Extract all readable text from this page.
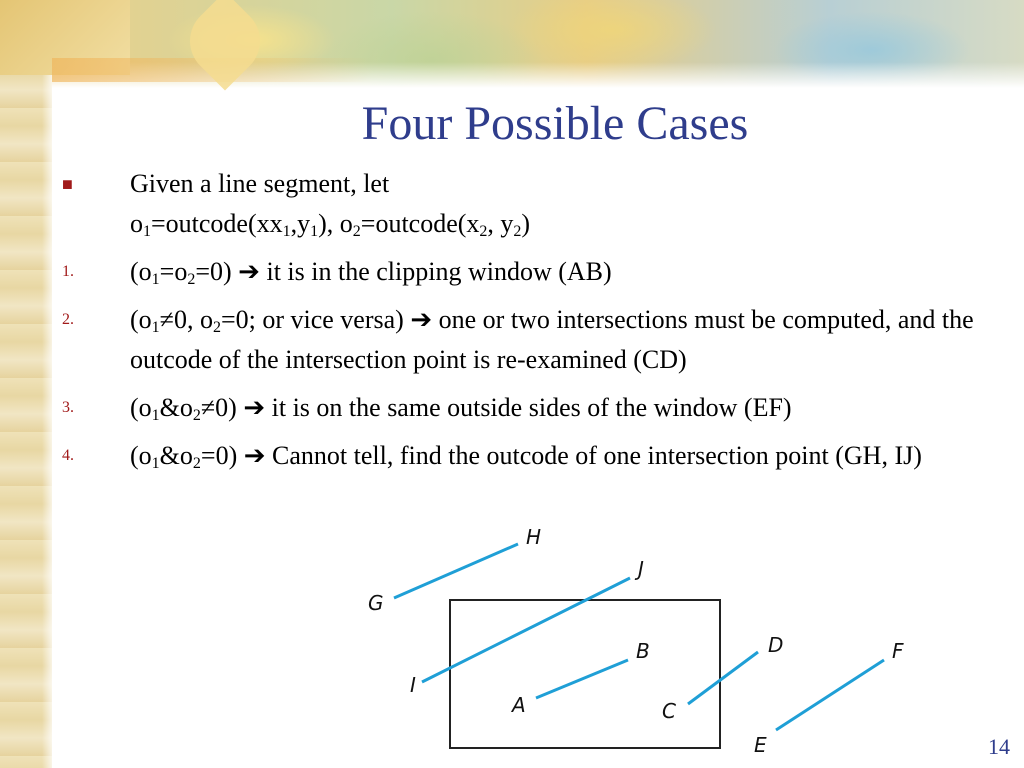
Four Possible Cases
■	Given a line segment, let
$o_1=outcode(xx_1,y_1)$, $o_2=outcode(x_2$, $y_2$)
1.	$(o_1=o_2=0)$ ➔ it is in the clipping window (AB)
2.	($o_1\ne 0$, $o_2=0$; or vice versa) ➔ one or two intersections must be computed, and the outcode of the intersection point is re-examined (CD)
3.	$(o_1\&o_2\ne 0)$ ➔ it is on the same outside sides of the window (EF)
4.	$(o_1\&o_2=0)$ ➔ Cannot tell, find the outcode of one intersection point (GH, IJ)
G
H
I
J
A
B
C
D
E
F
14
